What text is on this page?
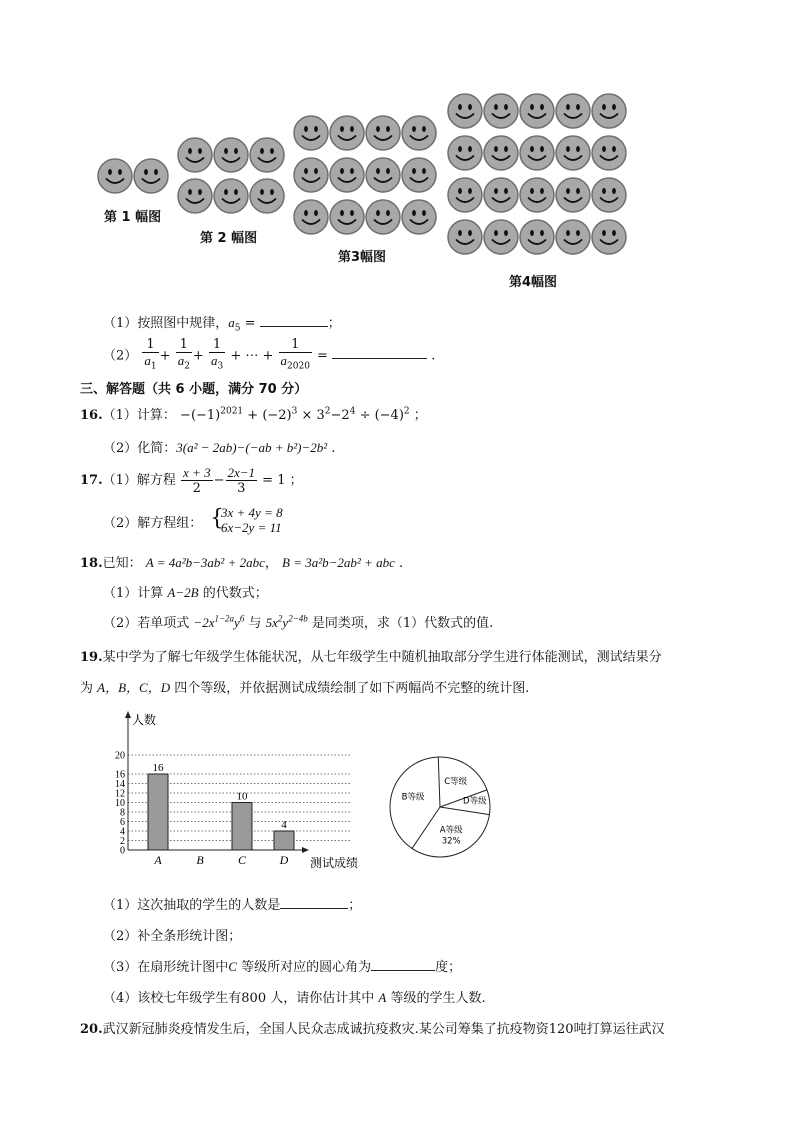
第 1 幅图
第 2 幅图
第3幅图
第4幅图
（1）按照图中规律，$a_5$ =	；
$(2) \frac{1}{a_1} + \frac{1}{a_2} + \frac{1}{a_3}$ + ⋯ + $\frac{1}{a_{2020}}$ =	.
三、解答题（共 6 小题，满分 70 分）
16.（1）计算： $-(-1)^{2021} + (-2)^3 \times 3^2-2^4 \div (-4)^2$ ；
（2）化简：3(a² − 2ab)−(−ab + b²)−2b² .
17.（1）解方程 $\frac{x + 3}{2} - \frac{2x-1}{3} = 1$ ；
（2）解方程组： {
3x + 4y = 8
6x−2y = 11
18.已知： A = 4a²b−3ab² + 2abc， B = 3a²b−2ab² + abc .
（1）计算 A−2B 的代数式；
（2）若单项式 $-2x^{1-2a}y^6$ 与 $5x^2y^{2-4b}$ 是同类项，求（1）代数式的值.
19.某中学为了解七年级学生体能状况，从七年级学生中随机抽取部分学生进行体能测试，测试结果分
为 A，B，C，D 四个等级，并依据测试成绩绘制了如下两幅尚不完整的统计图.
人数
测试成绩
0
2
4
6
8
10
12
14
16
20
16
A	B
10
C
4
D
C等级
D等级
A等级
32%
B等级
（1）这次抽取的学生的人数是	；
（2）补全条形统计图；
（3）在扇形统计图中C 等级所对应的圆心角为	度；
（4）该校七年级学生有800 人，请你估计其中 A 等级的学生人数.
20.武汉新冠肺炎疫情发生后，全国人民众志成诚抗疫救灾.某公司筹集了抗疫物资120吨打算运往武汉
